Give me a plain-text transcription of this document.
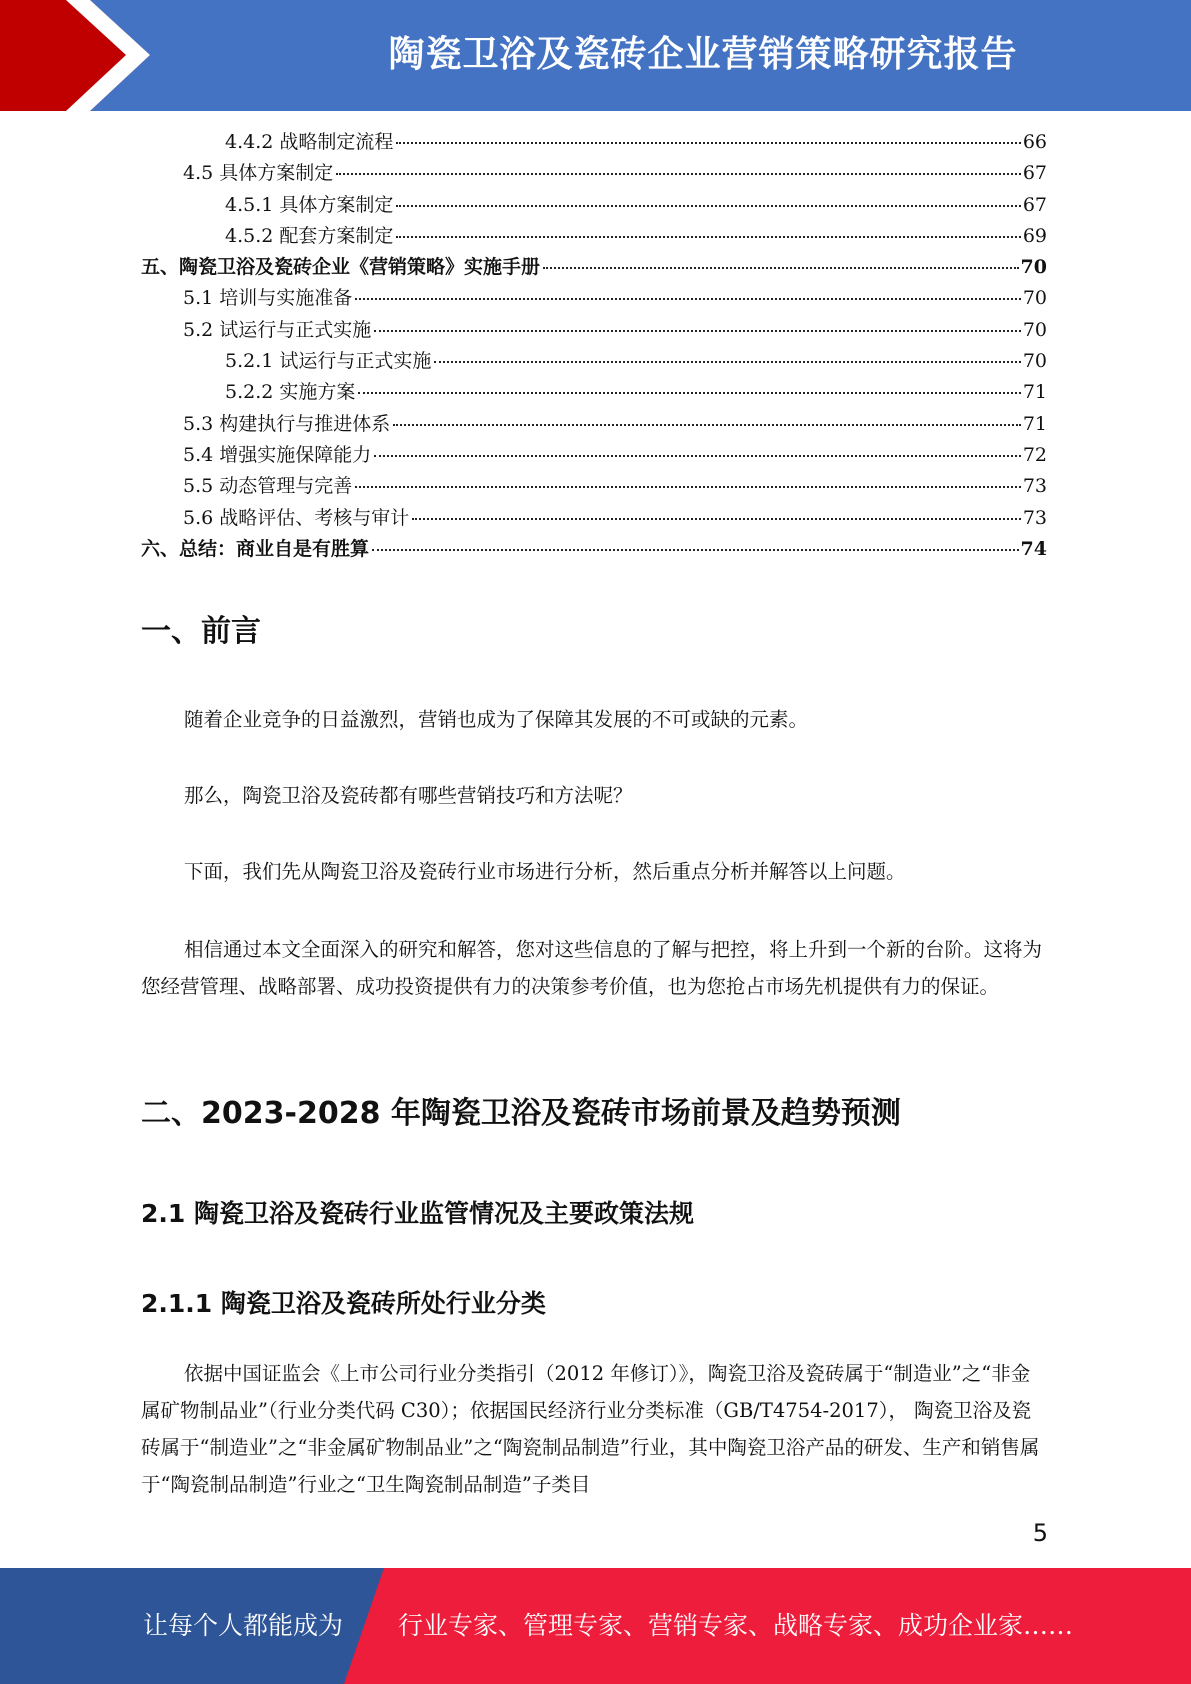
陶瓷卫浴及瓷砖企业营销策略研究报告
4.4.2 战略制定流程	66
4.5 具体方案制定	67
4.5.1 具体方案制定	67
4.5.2 配套方案制定	69
五、陶瓷卫浴及瓷砖企业《营销策略》实施手册	70
5.1 培训与实施准备	70
5.2 试运行与正式实施	70
5.2.1 试运行与正式实施	70
5.2.2 实施方案	71
5.3 构建执行与推进体系	71
5.4 增强实施保障能力	72
5.5 动态管理与完善	73
5.6 战略评估、考核与审计	73
六、总结：商业自是有胜算	74
一、前言
随着企业竞争的日益激烈，营销也成为了保障其发展的不可或缺的元素。
那么，陶瓷卫浴及瓷砖都有哪些营销技巧和方法呢？
下面，我们先从陶瓷卫浴及瓷砖行业市场进行分析，然后重点分析并解答以上问题。
相信通过本文全面深入的研究和解答，您对这些信息的了解与把控，将上升到一个新的台阶。这将为您经营管理、战略部署、成功投资提供有力的决策参考价值，也为您抢占市场先机提供有力的保证。
二、2023-2028 年陶瓷卫浴及瓷砖市场前景及趋势预测
2.1 陶瓷卫浴及瓷砖行业监管情况及主要政策法规
2.1.1 陶瓷卫浴及瓷砖所处行业分类
依据中国证监会《上市公司行业分类指引（2012 年修订）》，陶瓷卫浴及瓷砖属于“制造业”之“非金属矿物制品业”（行业分类代码 C30）；依据国民经济行业分类标准（GB/T4754-2017）， 陶瓷卫浴及瓷砖属于“制造业”之“非金属矿物制品业”之“陶瓷制品制造”行业，其中陶瓷卫浴产品的研发、生产和销售属于“陶瓷制品制造”行业之“卫生陶瓷制品制造”子类目
5
让每个人都能成为 行业专家、管理专家、营销专家、战略专家、成功企业家……
